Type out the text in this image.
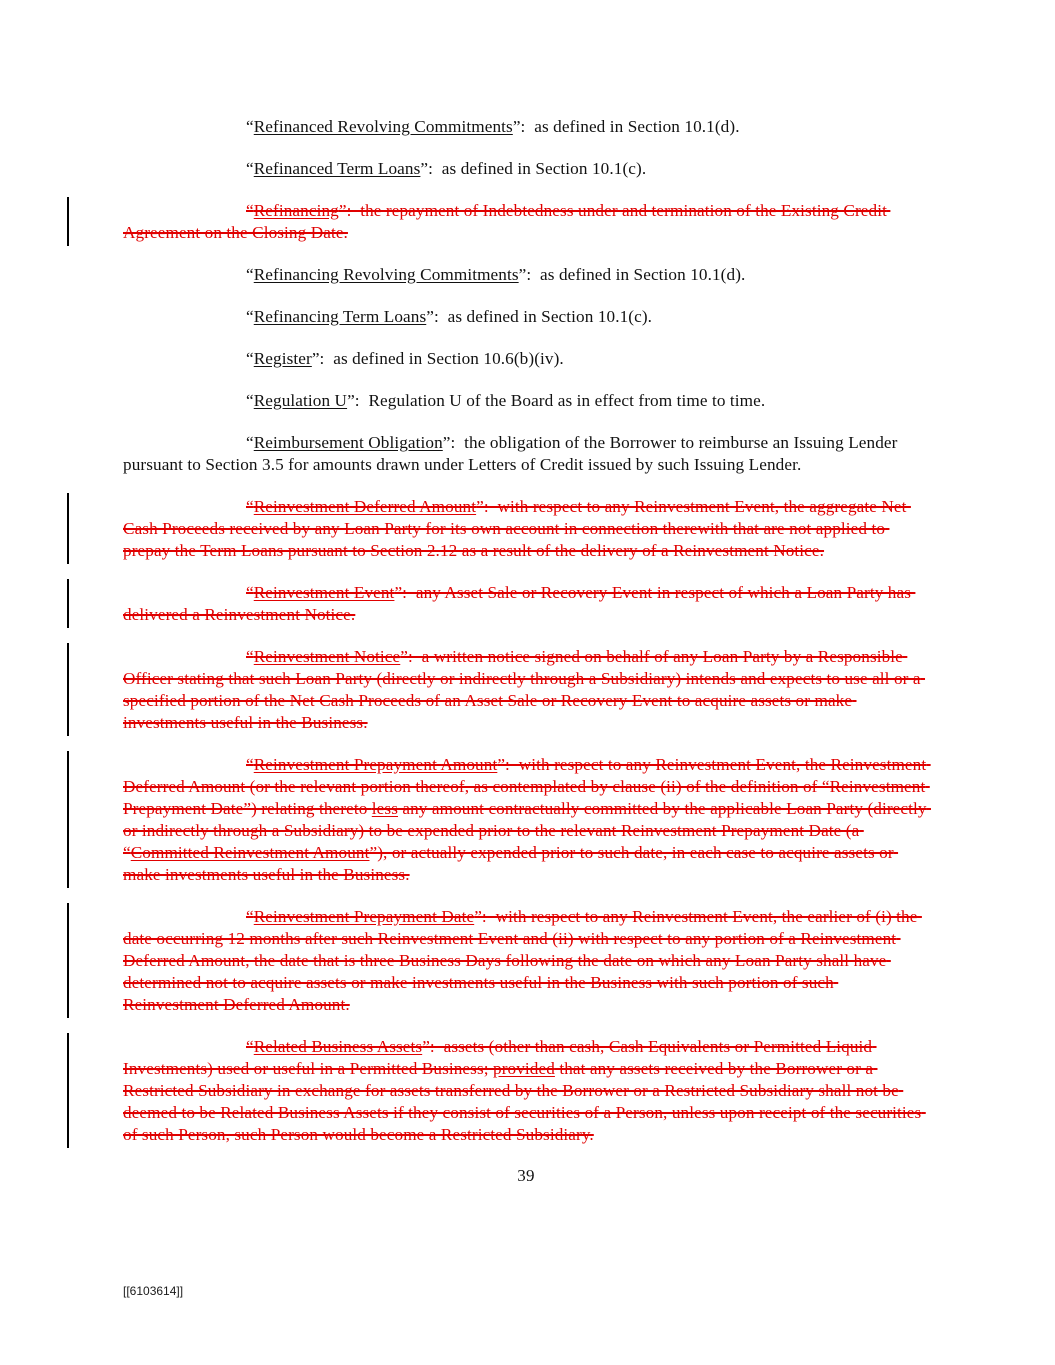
“Refinanced Revolving Commitments”:  as defined in Section 10.1(d).

“Refinanced Term Loans”:  as defined in Section 10.1(c).

“Refinancing”:  the repayment of Indebtedness under and termination of the Existing Credit Agreement on the Closing Date.

“Refinancing Revolving Commitments”:  as defined in Section 10.1(d).

“Refinancing Term Loans”:  as defined in Section 10.1(c).

“Register”:  as defined in Section 10.6(b)(iv).

“Regulation U”:  Regulation U of the Board as in effect from time to time.

“Reimbursement Obligation”:  the obligation of the Borrower to reimburse an Issuing Lender pursuant to Section 3.5 for amounts drawn under Letters of Credit issued by such Issuing Lender.

“Reinvestment Deferred Amount”:  with respect to any Reinvestment Event, the aggregate Net Cash Proceeds received by any Loan Party for its own account in connection therewith that are not applied to prepay the Term Loans pursuant to Section 2.12 as a result of the delivery of a Reinvestment Notice.

“Reinvestment Event”:  any Asset Sale or Recovery Event in respect of which a Loan Party has delivered a Reinvestment Notice.

“Reinvestment Notice”:  a written notice signed on behalf of any Loan Party by a Responsible Officer stating that such Loan Party (directly or indirectly through a Subsidiary) intends and expects to use all or a specified portion of the Net Cash Proceeds of an Asset Sale or Recovery Event to acquire assets or make investments useful in the Business.

“Reinvestment Prepayment Amount”:  with respect to any Reinvestment Event, the Reinvestment Deferred Amount (or the relevant portion thereof, as contemplated by clause (ii) of the definition of “Reinvestment Prepayment Date”) relating thereto less any amount contractually committed by the applicable Loan Party (directly or indirectly through a Subsidiary) to be expended prior to the relevant Reinvestment Prepayment Date (a “Committed Reinvestment Amount”), or actually expended prior to such date, in each case to acquire assets or make investments useful in the Business.

“Reinvestment Prepayment Date”:  with respect to any Reinvestment Event, the earlier of (i) the date occurring 12 months after such Reinvestment Event and (ii) with respect to any portion of a Reinvestment Deferred Amount, the date that is three Business Days following the date on which any Loan Party shall have determined not to acquire assets or make investments useful in the Business with such portion of such Reinvestment Deferred Amount.

“Related Business Assets”:  assets (other than cash, Cash Equivalents or Permitted Liquid Investments) used or useful in a Permitted Business; provided that any assets received by the Borrower or a Restricted Subsidiary in exchange for assets transferred by the Borrower or a Restricted Subsidiary shall not be deemed to be Related Business Assets if they consist of securities of a Person, unless upon receipt of the securities of such Person, such Person would become a Restricted Subsidiary.

39
[[6103614]]
